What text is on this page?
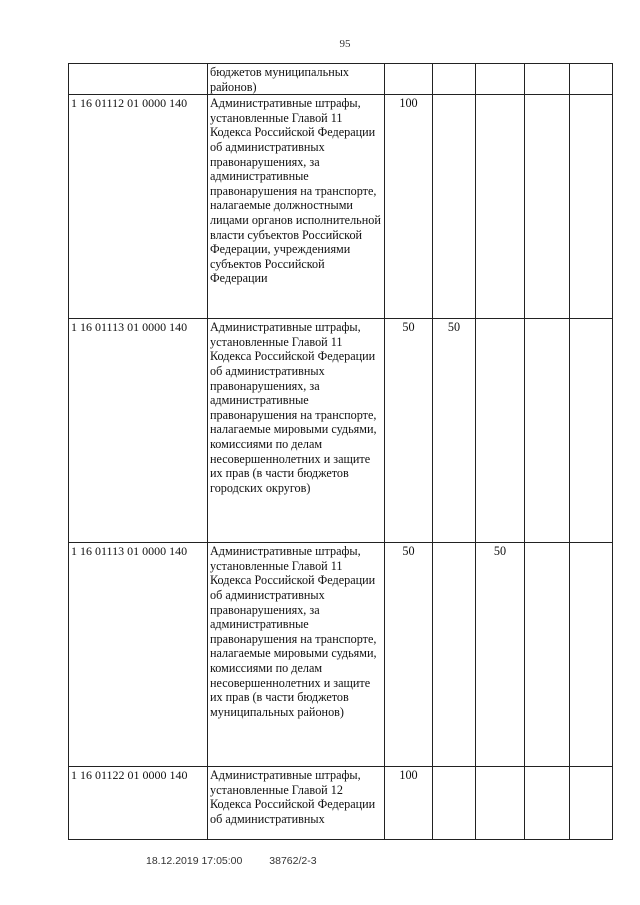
95
	бюджетов муниципальных районов)					
1 16 01112 01 0000 140	Административные штрафы, установленные Главой 11 Кодекса Российской Федерации об административных правонарушениях, за административные правонарушения на транспорте, налагаемые должностными лицами органов исполнительной власти субъектов Российской Федерации, учреждениями субъектов Российской Федерации	100				
1 16 01113 01 0000 140	Административные штрафы, установленные Главой 11 Кодекса Российской Федерации об административных правонарушениях, за административные правонарушения на транспорте, налагаемые мировыми судьями, комиссиями по делам несовершеннолетних и защите их прав (в части бюджетов городских округов)	50	50			
1 16 01113 01 0000 140	Административные штрафы, установленные Главой 11 Кодекса Российской Федерации об административных правонарушениях, за административные правонарушения на транспорте, налагаемые мировыми судьями, комиссиями по делам несовершеннолетних и защите их прав (в части бюджетов муниципальных районов)	50		50		
1 16 01122 01 0000 140	Административные штрафы, установленные Главой 12 Кодекса Российской Федерации об административных	100				
18.12.2019 17:05:00	38762/2-3
